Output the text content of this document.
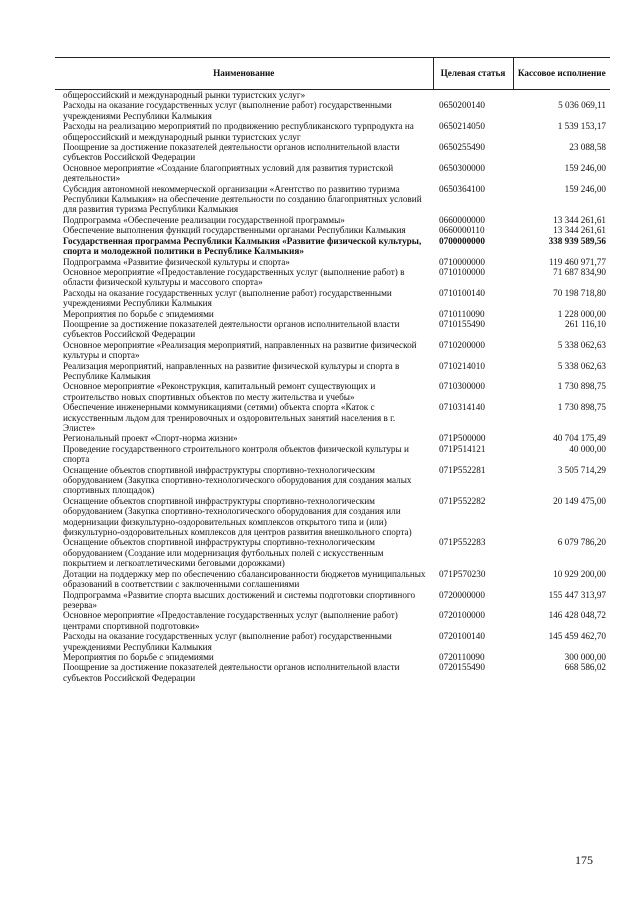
Наименование	Целевая статья	Кассовое исполнение
общероссийский и международный рынки туристских услуг»		
Расходы на оказание государственных услуг (выполнение работ) государственными учреждениями Республики Калмыкия	0650200140	5 036 069,11
Расходы на реализацию мероприятий по продвижению республиканского турпродукта на общероссийский и международный рынки туристских услуг	0650214050	1 539 153,17
Поощрение за достижение показателей деятельности органов исполнительной власти субъектов Российской Федерации	0650255490	23 088,58
Основное мероприятие «Создание благоприятных условий для развития туристской деятельности»	0650300000	159 246,00
Субсидия автономной некоммерческой организации «Агентство по развитию туризма Республики Калмыкия» на обеспечение деятельности по созданию благоприятных условий для развития туризма Республики Калмыкия	0650364100	159 246,00
Подпрограмма «Обеспечение реализации государственной программы»	0660000000	13 344 261,61
Обеспечение выполнения функций государственными органами Республики Калмыкия	0660000110	13 344 261,61
Государственная программа Республики Калмыкия «Развитие физической культуры, спорта и молодежной политики в Республике Калмыкия»	0700000000	338 939 589,56
Подпрограмма «Развитие физической культуры и спорта»	0710000000	119 460 971,77
Основное мероприятие «Предоставление государственных услуг (выполнение работ) в области физической культуры и массового спорта»	0710100000	71 687 834,90
Расходы на оказание государственных услуг (выполнение работ) государственными учреждениями Республики Калмыкия	0710100140	70 198 718,80
Мероприятия по борьбе с эпидемиями	0710110090	1 228 000,00
Поощрение за достижение показателей деятельности органов исполнительной власти субъектов Российской Федерации	0710155490	261 116,10
Основное мероприятие «Реализация мероприятий, направленных на развитие физической культуры и спорта»	0710200000	5 338 062,63
Реализация мероприятий, направленных на развитие физической культуры и спорта в Республике Калмыкия	0710214010	5 338 062,63
Основное мероприятие «Реконструкция, капитальный ремонт существующих и строительство новых спортивных объектов по месту жительства и учебы»	0710300000	1 730 898,75
Обеспечение инженерными коммуникациями (сетями) объекта спорта «Каток с искусственным льдом для тренировочных и оздоровительных занятий населения в г. Элисте»	0710314140	1 730 898,75
Региональный проект «Спорт-норма жизни»	071P500000	40 704 175,49
Проведение государственного строительного контроля объектов физической культуры и спорта	071P514121	40 000,00
Оснащение объектов спортивной инфраструктуры спортивно-технологическим оборудованием (Закупка спортивно-технологического оборудования для создания малых спортивных площадок)	071P552281	3 505 714,29
Оснащение объектов спортивной инфраструктуры спортивно-технологическим оборудованием (Закупка спортивно-технологического оборудования для создания или модернизации физкультурно-оздоровительных комплексов открытого типа и (или) физкультурно-оздоровительных комплексов для центров развития внешкольного спорта)	071P552282	20 149 475,00
Оснащение объектов спортивной инфраструктуры спортивно-технологическим оборудованием (Создание или модернизация футбольных полей с искусственным покрытием и легкоатлетическими беговыми дорожками)	071P552283	6 079 786,20
Дотации на поддержку мер по обеспечению сбалансированности бюджетов муниципальных образований в соответствии с заключенными соглашениями	071P570230	10 929 200,00
Подпрограмма «Развитие спорта высших достижений и системы подготовки спортивного резерва»	0720000000	155 447 313,97
Основное мероприятие «Предоставление государственных услуг (выполнение работ) центрами спортивной подготовки»	0720100000	146 428 048,72
Расходы на оказание государственных услуг (выполнение работ) государственными учреждениями Республики Калмыкия	0720100140	145 459 462,70
Мероприятия по борьбе с эпидемиями	0720110090	300 000,00
Поощрение за достижение показателей деятельности органов исполнительной власти субъектов Российской Федерации	0720155490	668 586,02
175
